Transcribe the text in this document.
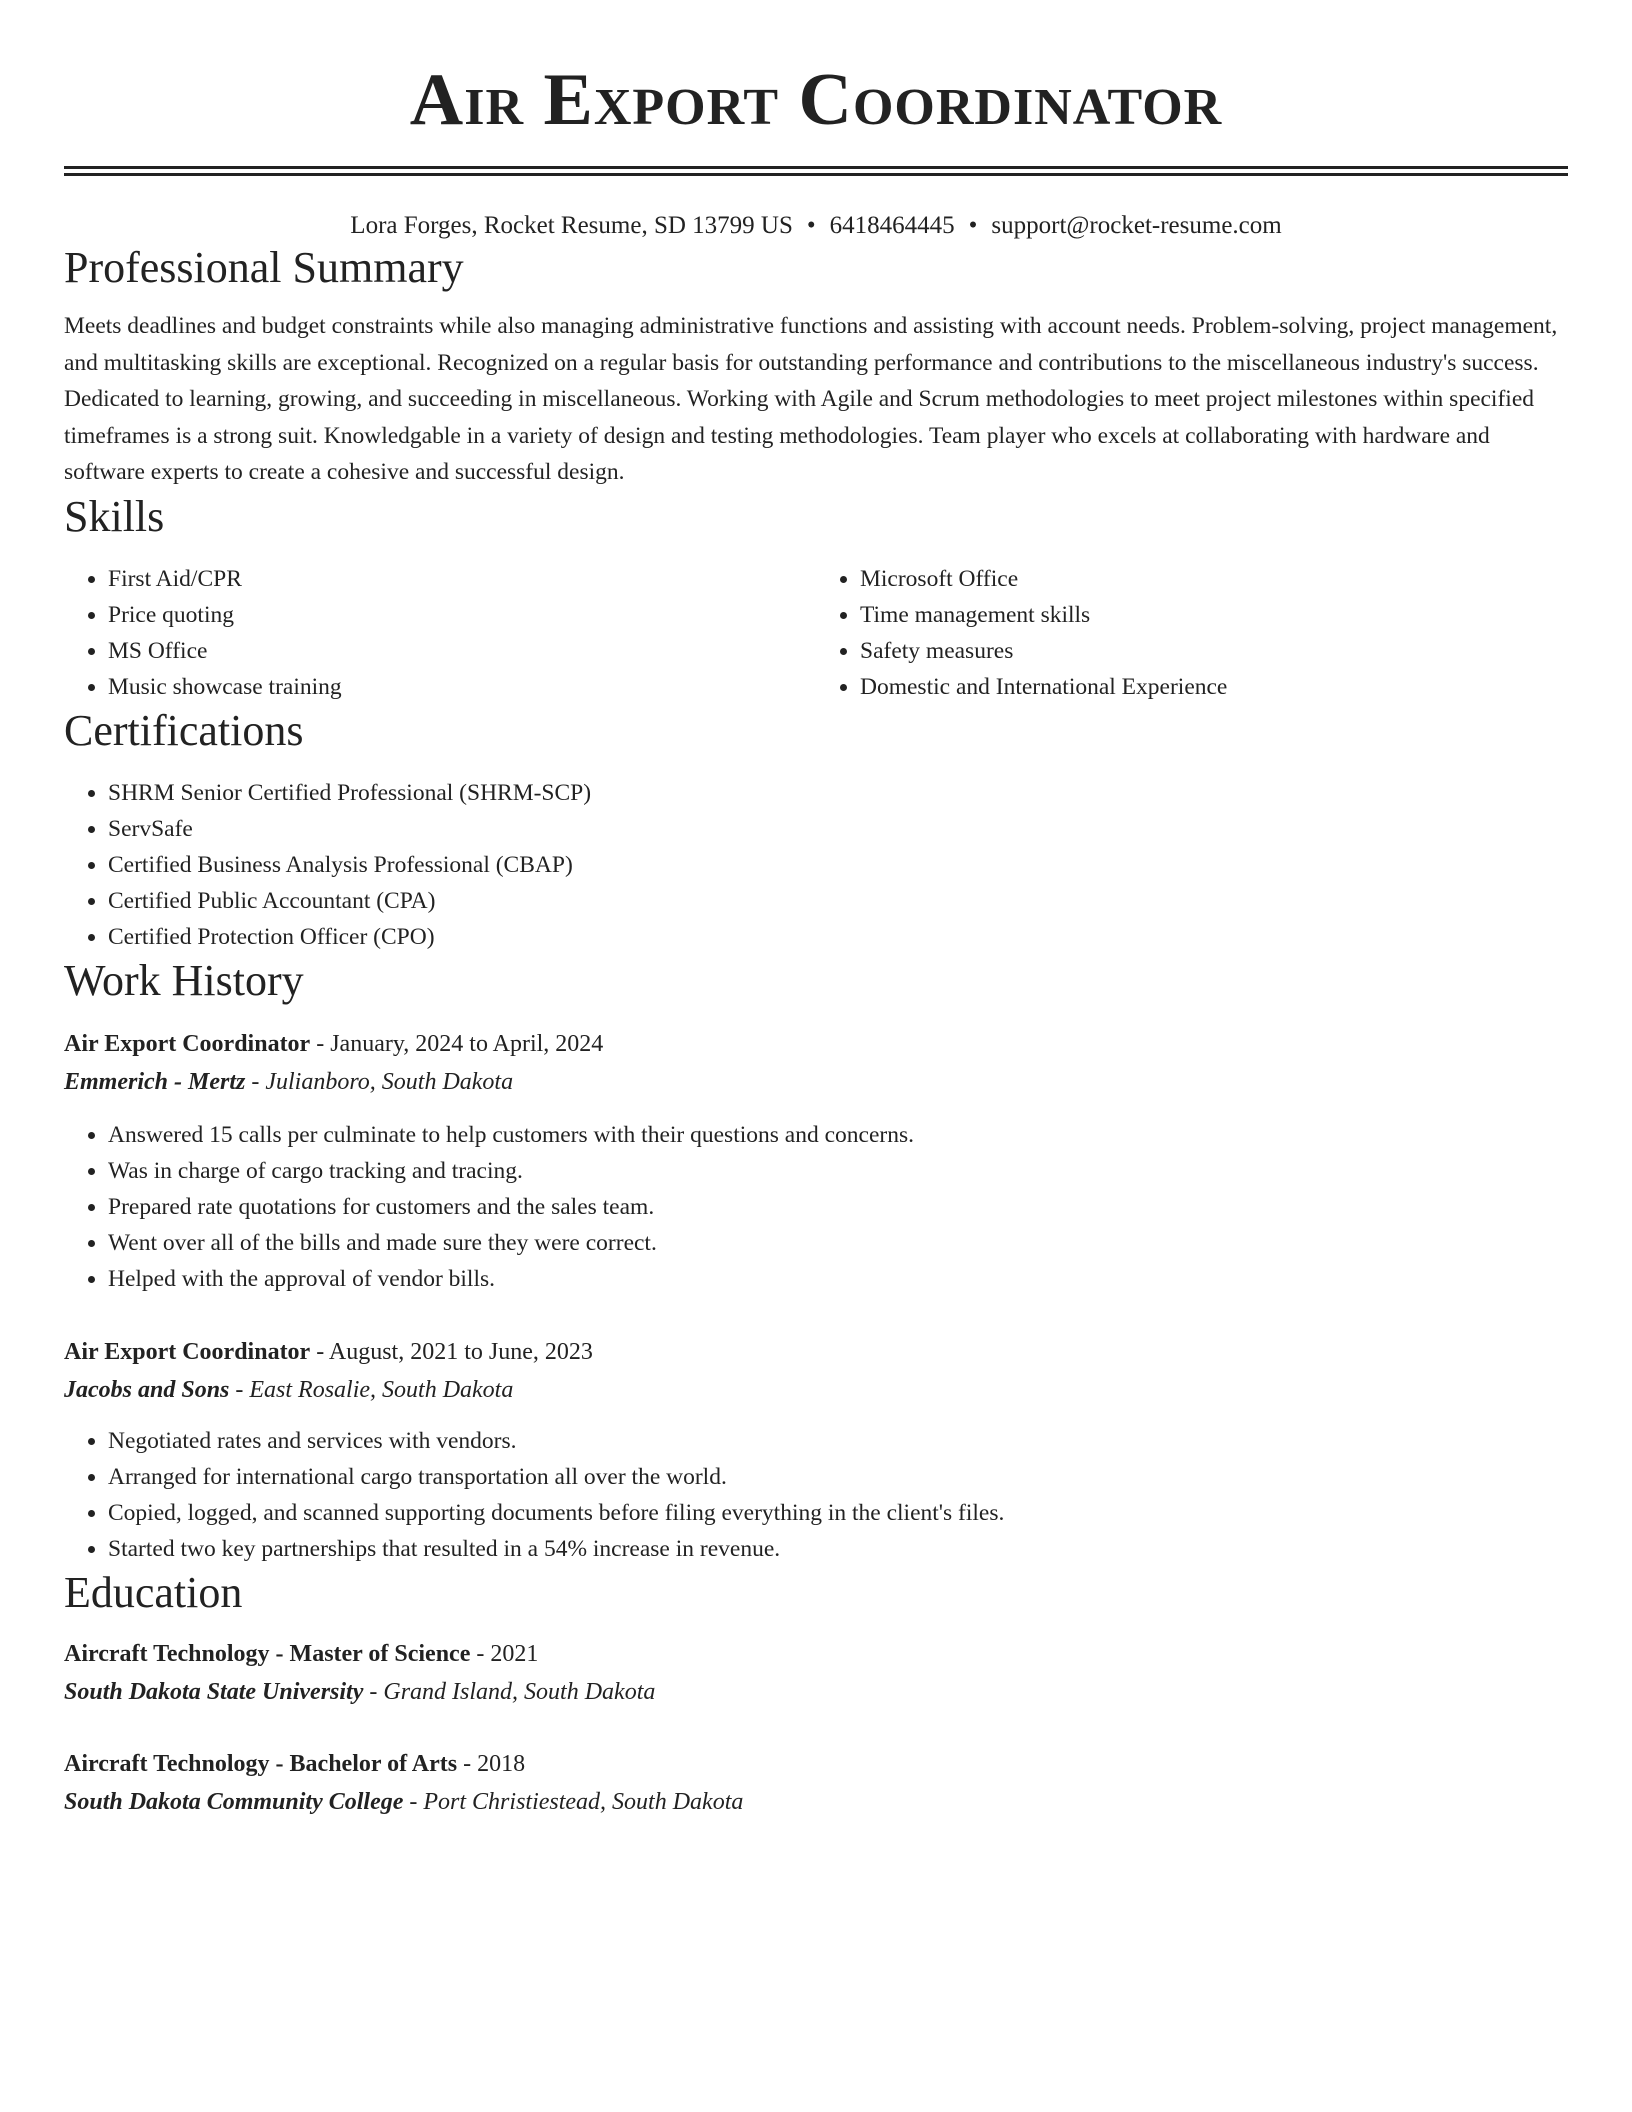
Air Export Coordinator
Lora Forges, Rocket Resume, SD 13799 US • 6418464445 • support@rocket-resume.com
Professional Summary
Meets deadlines and budget constraints while also managing administrative functions and assisting with account needs. Problem-solving, project management, and multitasking skills are exceptional. Recognized on a regular basis for outstanding performance and contributions to the miscellaneous industry's success. Dedicated to learning, growing, and succeeding in miscellaneous. Working with Agile and Scrum methodologies to meet project milestones within specified timeframes is a strong suit. Knowledgable in a variety of design and testing methodologies. Team player who excels at collaborating with hardware and software experts to create a cohesive and successful design.
Skills
• First Aid/CPR
• Price quoting
• MS Office
• Music showcase training
• Microsoft Office
• Time management skills
• Safety measures
• Domestic and International Experience
Certifications
• SHRM Senior Certified Professional (SHRM-SCP)
• ServSafe
• Certified Business Analysis Professional (CBAP)
• Certified Public Accountant (CPA)
• Certified Protection Officer (CPO)
Work History
Air Export Coordinator - January, 2024 to April, 2024
Emmerich - Mertz - Julianboro, South Dakota
• Answered 15 calls per culminate to help customers with their questions and concerns.
• Was in charge of cargo tracking and tracing.
• Prepared rate quotations for customers and the sales team.
• Went over all of the bills and made sure they were correct.
• Helped with the approval of vendor bills.
Air Export Coordinator - August, 2021 to June, 2023
Jacobs and Sons - East Rosalie, South Dakota
• Negotiated rates and services with vendors.
• Arranged for international cargo transportation all over the world.
• Copied, logged, and scanned supporting documents before filing everything in the client's files.
• Started two key partnerships that resulted in a 54% increase in revenue.
Education
Aircraft Technology - Master of Science - 2021
South Dakota State University - Grand Island, South Dakota
Aircraft Technology - Bachelor of Arts - 2018
South Dakota Community College - Port Christiestead, South Dakota
